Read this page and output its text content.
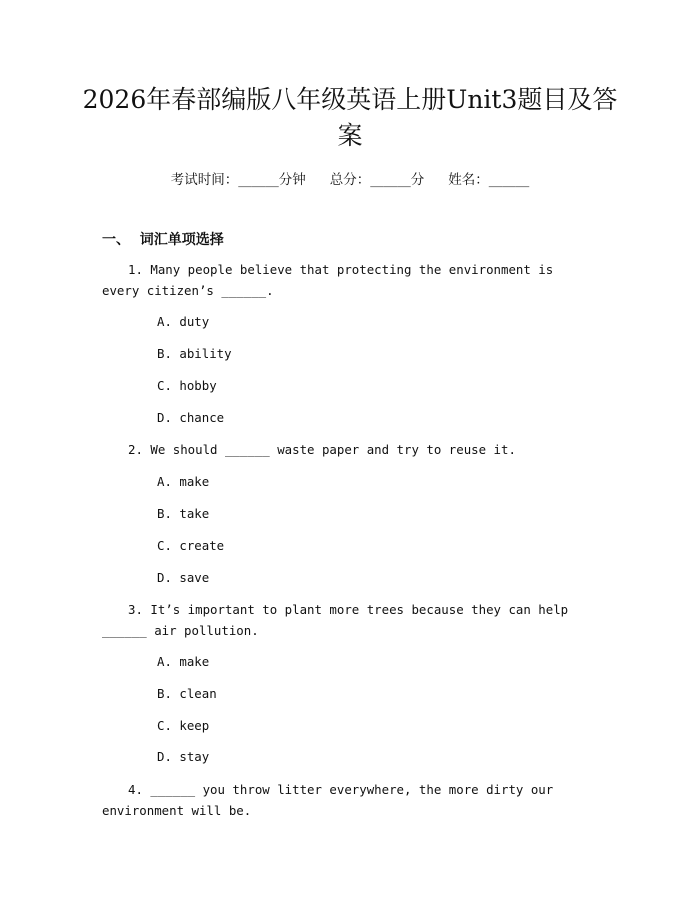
2026年春部编版八年级英语上册Unit3题目及答案
考试时间：______分钟 总分：______分 姓名：______
一、  词汇单项选择

1. Many people believe that protecting the environment is every citizen’s ______.

A. duty
B. ability
C. hobby
D. chance

2. We should ______ waste paper and try to reuse it.

A. make
B. take
C. create
D. save

3. It’s important to plant more trees because they can help ______ air pollution.

A. make
B. clean
C. keep
D. stay

4. ______ you throw litter everywhere, the more dirty our environment will be.
